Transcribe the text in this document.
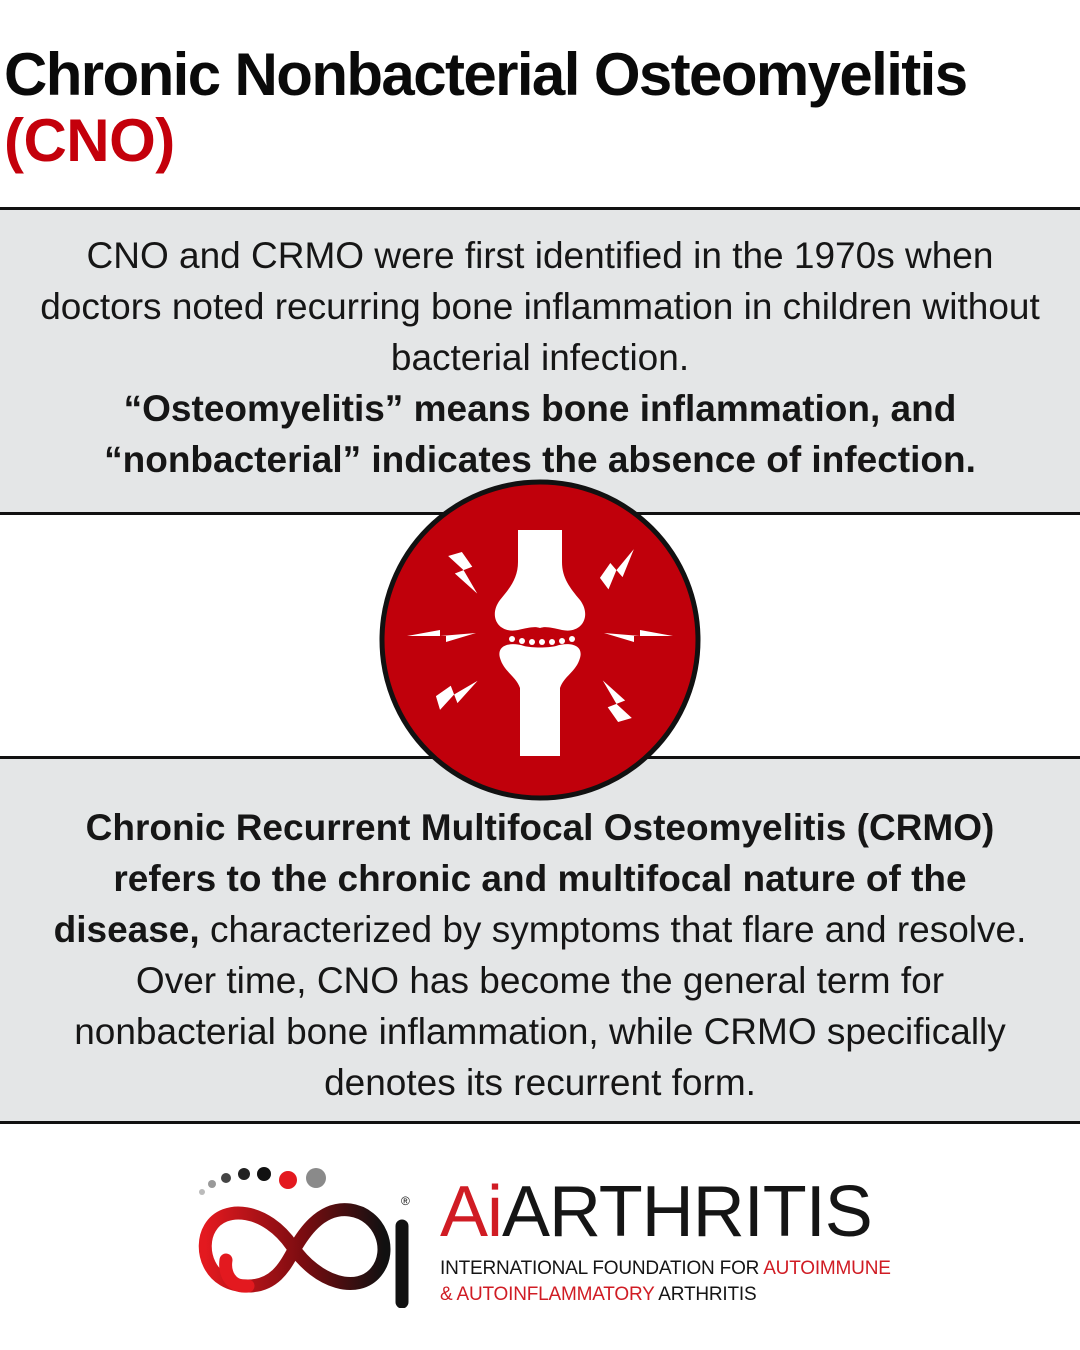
Chronic Nonbacterial Osteomyelitis
(CNO)

CNO and CRMO were first identified in the 1970s when doctors noted recurring bone inflammation in children without bacterial infection.

“Osteomyelitis” means bone inflammation, and “nonbacterial” indicates the absence of infection.

Chronic Recurrent Multifocal Osteomyelitis (CRMO) refers to the chronic and multifocal nature of the disease, characterized by symptoms that flare and resolve. Over time, CNO has become the general term for nonbacterial bone inflammation, while CRMO specifically denotes its recurrent form.

® AiARTHRITIS
INTERNATIONAL FOUNDATION FOR AUTOIMMUNE
& AUTOINFLAMMATORY ARTHRITIS
